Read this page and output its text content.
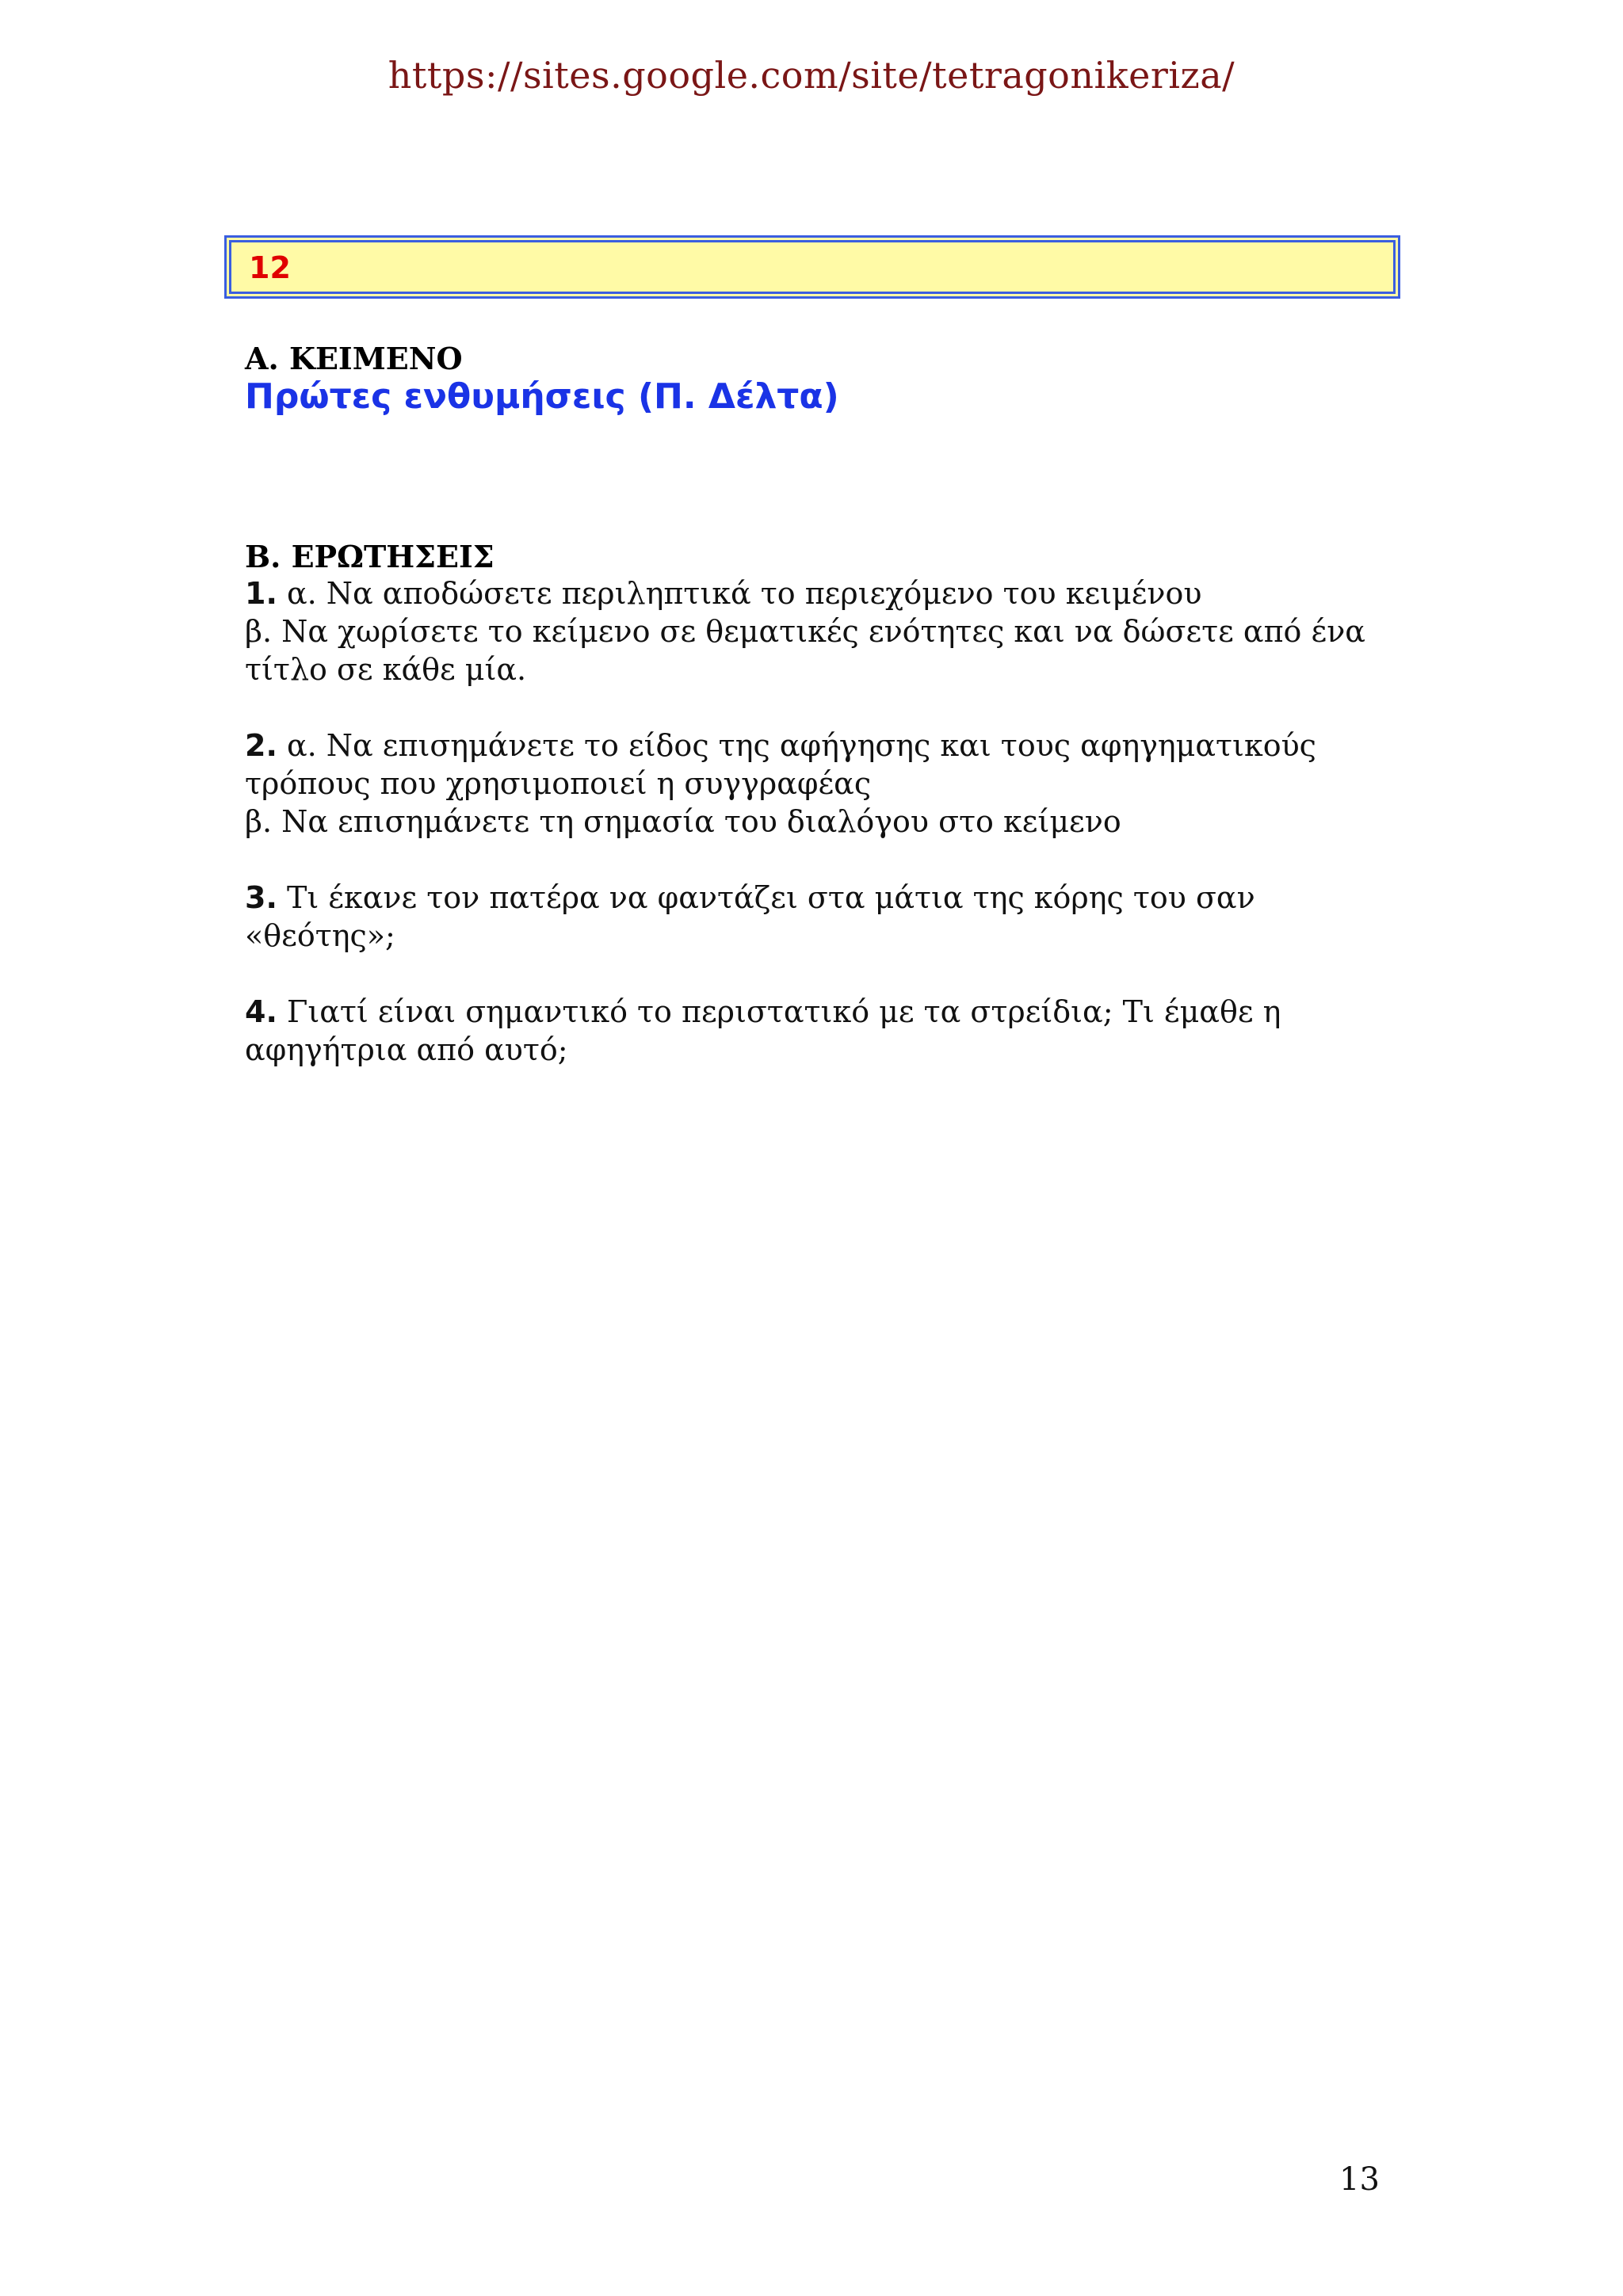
https://sites.google.com/site/tetragonikeriza/
12
Α. ΚΕΙΜΕΝΟ
Πρώτες ενθυμήσεις (Π. Δέλτα)
Β. ΕΡΩΤΗΣΕΙΣ
1. α. Να αποδώσετε περιληπτικά το περιεχόμενο του κειμένου
β. Να χωρίσετε το κείμενο σε θεματικές ενότητες και να δώσετε από ένα
τίτλο σε κάθε μία.
2. α. Να επισημάνετε το είδος της αφήγησης και τους αφηγηματικούς
τρόπους που χρησιμοποιεί η συγγραφέας
β. Να επισημάνετε τη σημασία του διαλόγου στο κείμενο
3. Τι έκανε τον πατέρα να φαντάζει στα μάτια της κόρης του σαν
«θεότης»;
4. Γιατί είναι σημαντικό το περιστατικό με τα στρείδια; Τι έμαθε η
αφηγήτρια από αυτό;
13
